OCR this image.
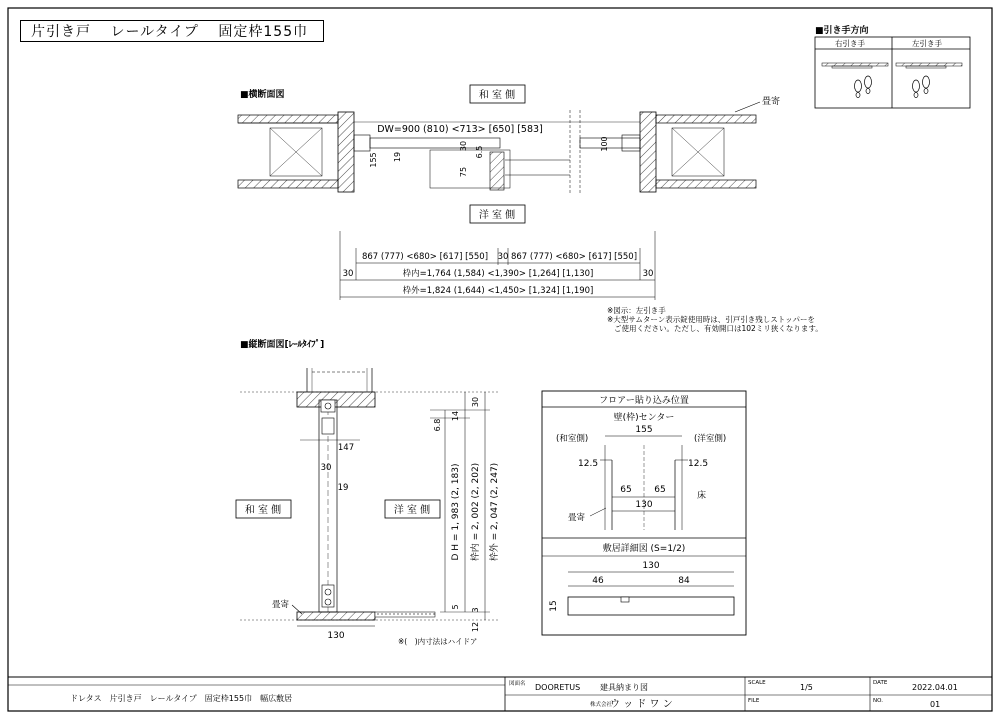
片引き戸 レールタイプ 固定枠155巾	■引き手方向
右引き手	左引き手
■横断面図	和 室 側
洋 室 側
畳寄
DW=900 (810) <713> [650] [583]
30 6.5
100
155 19
75
867 (777) <680> [617] [550] 30 867 (777) <680> [617] [550]
30	30
枠内=1,764 (1,584) <1,390> [1,264] [1,130]
枠外=1,824 (1,644) <1,450> [1,324] [1,190]
※図示：左引き手
※大型サムターン表示錠使用時は、引戸引き残しストッパーを
ご使用ください。ただし、有効開口は102ミリ狭くなります。
■縦断面図[ﾚｰﾙﾀｲﾌﾟ]
147
30
19
130
和 室 側	洋 室 側
畳寄
6.8
14
30
D H = 1, 983 (2, 183) 枠内 = 2, 002 (2, 202) 枠外 = 2, 047 (2, 247)
5
3
12
※(　)内寸法はハイドア
フロアー貼り込み位置
壁(枠)センター
155
(和室側)	(洋室側)
12.5	12.5
65	65
130
床
畳寄
敷居詳細図 (S=1/2)
130
46	84
15
ドレタス　片引き戸　レールタイプ　固定枠155巾　幅広敷居
図面名 DOORETUS 建具納まり図
株式会社
ウ ッ ド ワ ン
SCALE	1/5
FILE
DATE	2022.04.01
NO.	01
